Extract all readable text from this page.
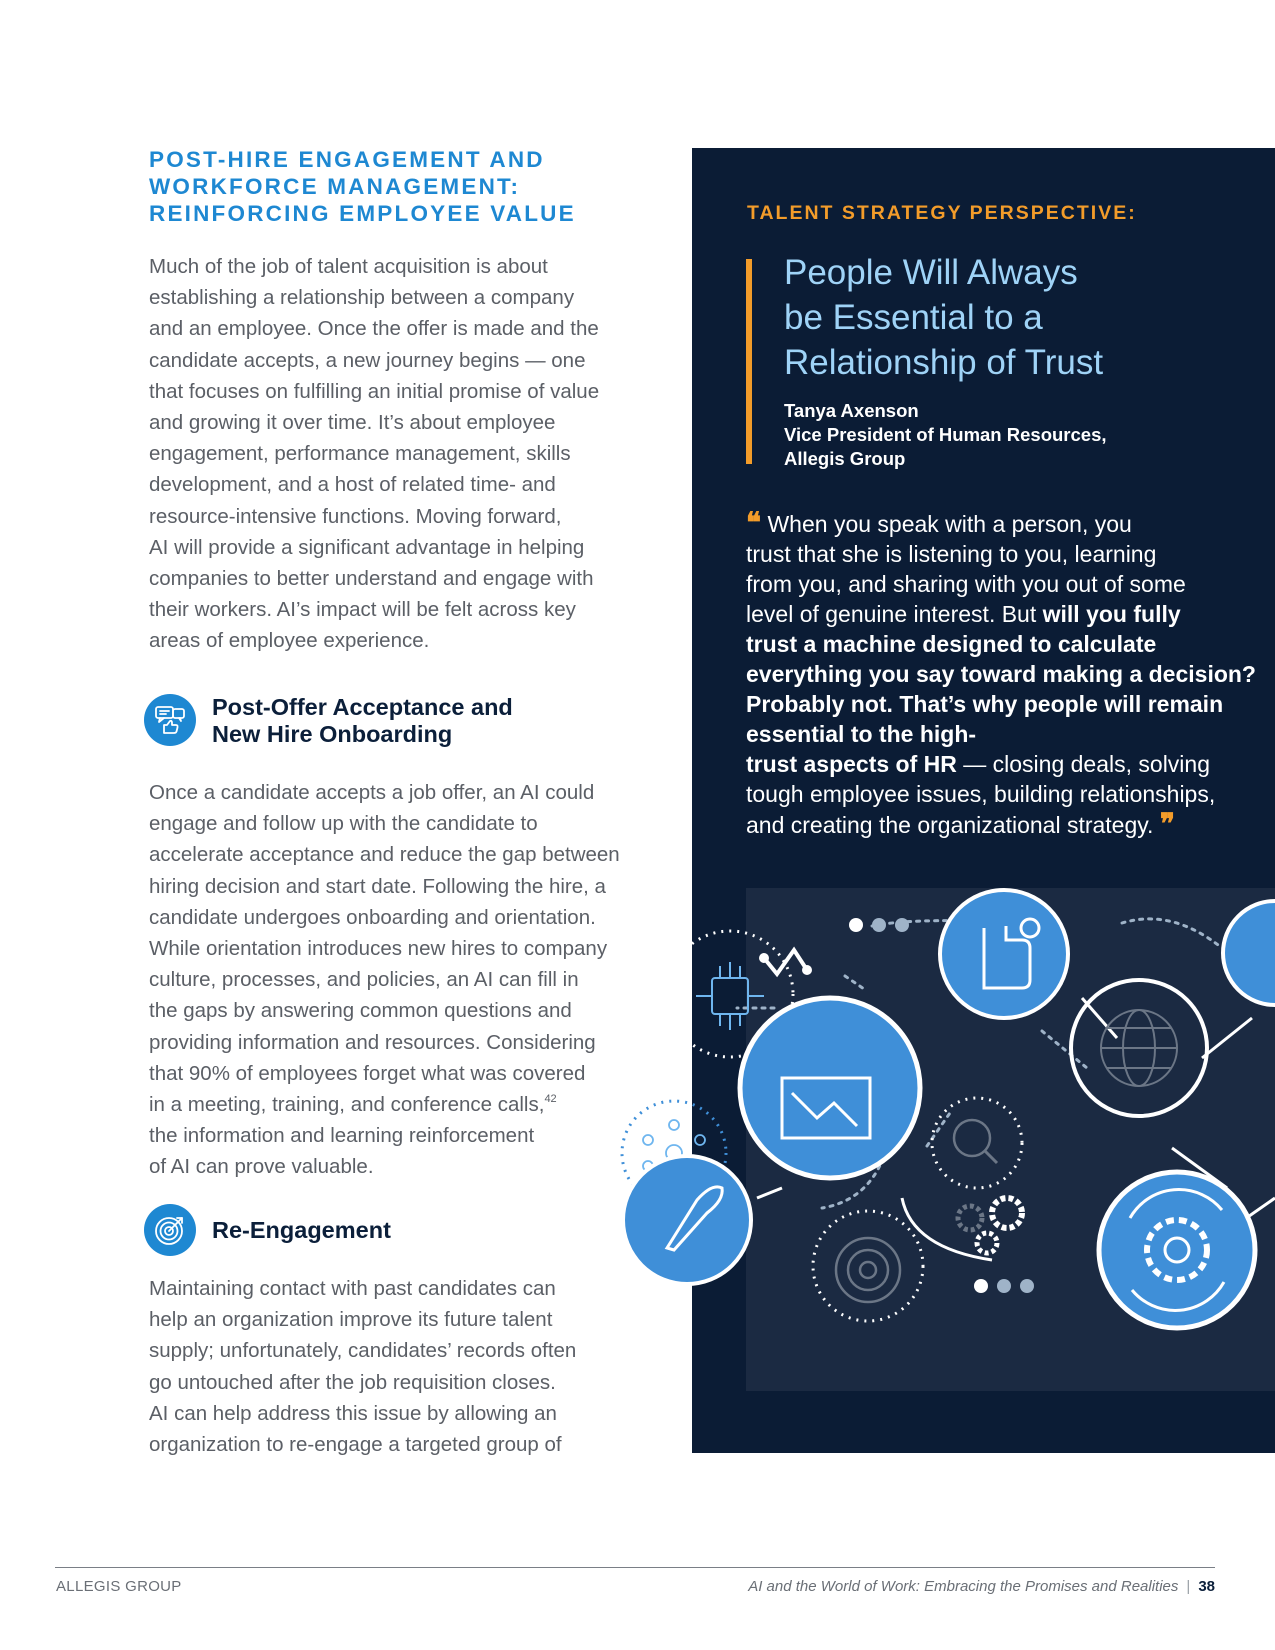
POST-HIRE ENGAGEMENT AND
WORKFORCE MANAGEMENT:
REINFORCING EMPLOYEE VALUE
Much of the job of talent acquisition is about
establishing a relationship between a company
and an employee. Once the offer is made and the
candidate accepts, a new journey begins — one
that focuses on fulfilling an initial promise of value
and growing it over time. It’s about employee
engagement, performance management, skills
development, and a host of related time- and
resource-intensive functions. Moving forward,
AI will provide a significant advantage in helping
companies to better understand and engage with
their workers. AI’s impact will be felt across key
areas of employee experience.
Post-Offer Acceptance and
New Hire Onboarding
Once a candidate accepts a job offer, an AI could
engage and follow up with the candidate to
accelerate acceptance and reduce the gap between
hiring decision and start date. Following the hire, a
candidate undergoes onboarding and orientation.
While orientation introduces new hires to company
culture, processes, and policies, an AI can fill in
the gaps by answering common questions and
providing information and resources. Considering
that 90% of employees forget what was covered
in a meeting, training, and conference calls,$^{42}$
the information and learning reinforcement
of AI can prove valuable.
Re-Engagement
Maintaining contact with past candidates can
help an organization improve its future talent
supply; unfortunately, candidates’ records often
go untouched after the job requisition closes.
AI can help address this issue by allowing an
organization to re-engage a targeted group of
TALENT STRATEGY PERSPECTIVE:
People Will Always
be Essential to a
Relationship of Trust
Tanya Axenson
Vice President of Human Resources,
Allegis Group
❝ When you speak with a person, you
trust that she is listening to you, learning
from you, and sharing with you out of some
level of genuine interest. But will you fully
trust a machine designed to calculate everything you say toward making a decision? Probably not. That’s why people will remain essential to the high-
trust aspects of HR — closing deals, solving
tough employee issues, building relationships,
and creating the organizational strategy. ❞
ALLEGIS GROUP	AI and the World of Work: Embracing the Promises and Realities | 38
